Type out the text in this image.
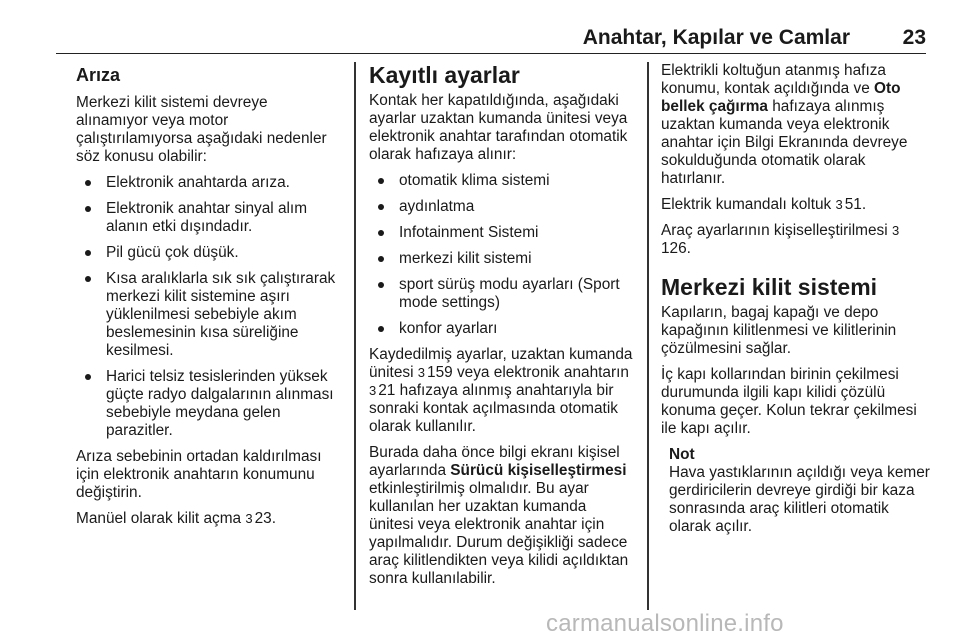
Anahtar, Kapılar ve Camlar	23
Arıza

Merkezi kilit sistemi devreye alınamıyor veya motor çalıştırılamıyorsa aşağıdaki nedenler söz konusu olabilir:

Elektronik anahtarda arıza.
Elektronik anahtar sinyal alım alanın etki dışındadır.
Pil gücü çok düşük.
Kısa aralıklarla sık sık çalıştırarak merkezi kilit sistemine aşırı yüklenilmesi sebebiyle akım beslemesinin kısa süreliğine kesilmesi.
Harici telsiz tesislerinden yüksek güçte radyo dalgalarının alınması sebebiyle meydana gelen parazitler.

Arıza sebebinin ortadan kaldırılması için elektronik anahtarın konumunu değiştirin.

Manüel olarak kilit açma 3 23.

Kayıtlı ayarlar

Kontak her kapatıldığında, aşağıdaki ayarlar uzaktan kumanda ünitesi veya elektronik anahtar tarafından otomatik olarak hafızaya alınır:

otomatik klima sistemi
aydınlatma
Infotainment Sistemi
merkezi kilit sistemi
sport sürüş modu ayarları (Sport mode settings)
konfor ayarları

Kaydedilmiş ayarlar, uzaktan kumanda ünitesi 3 159 veya elektronik anahtarın 3 21 hafızaya alınmış anahtarıyla bir sonraki kontak açılmasında otomatik olarak kullanılır.

Burada daha önce bilgi ekranı kişisel ayarlarında Sürücü kişiselleştirmesi etkinleştirilmiş olmalıdır. Bu ayar kullanılan her uzaktan kumanda ünitesi veya elektronik anahtar için yapılmalıdır. Durum değişikliği sadece araç kilitlendikten veya kilidi açıldıktan sonra kullanılabilir.

Elektrikli koltuğun atanmış hafıza konumu, kontak açıldığında ve Oto bellek çağırma hafızaya alınmış uzaktan kumanda veya elektronik anahtar için Bilgi Ekranında devreye sokulduğunda otomatik olarak hatırlanır.

Elektrik kumandalı koltuk 3 51.

Araç ayarlarının kişiselleştirilmesi 3126.

Merkezi kilit sistemi

Kapıların, bagaj kapağı ve depo kapağının kilitlenmesi ve kilitlerinin çözülmesini sağlar.

İç kapı kollarından birinin çekilmesi durumunda ilgili kapı kilidi çözülü konuma geçer. Kolun tekrar çekilmesi ile kapı açılır.

Not
Hava yastıklarının açıldığı veya kemer gerdiricilerin devreye girdiği bir kaza sonrasında araç kilitleri otomatik olarak açılır.
carmanualsonline.info
